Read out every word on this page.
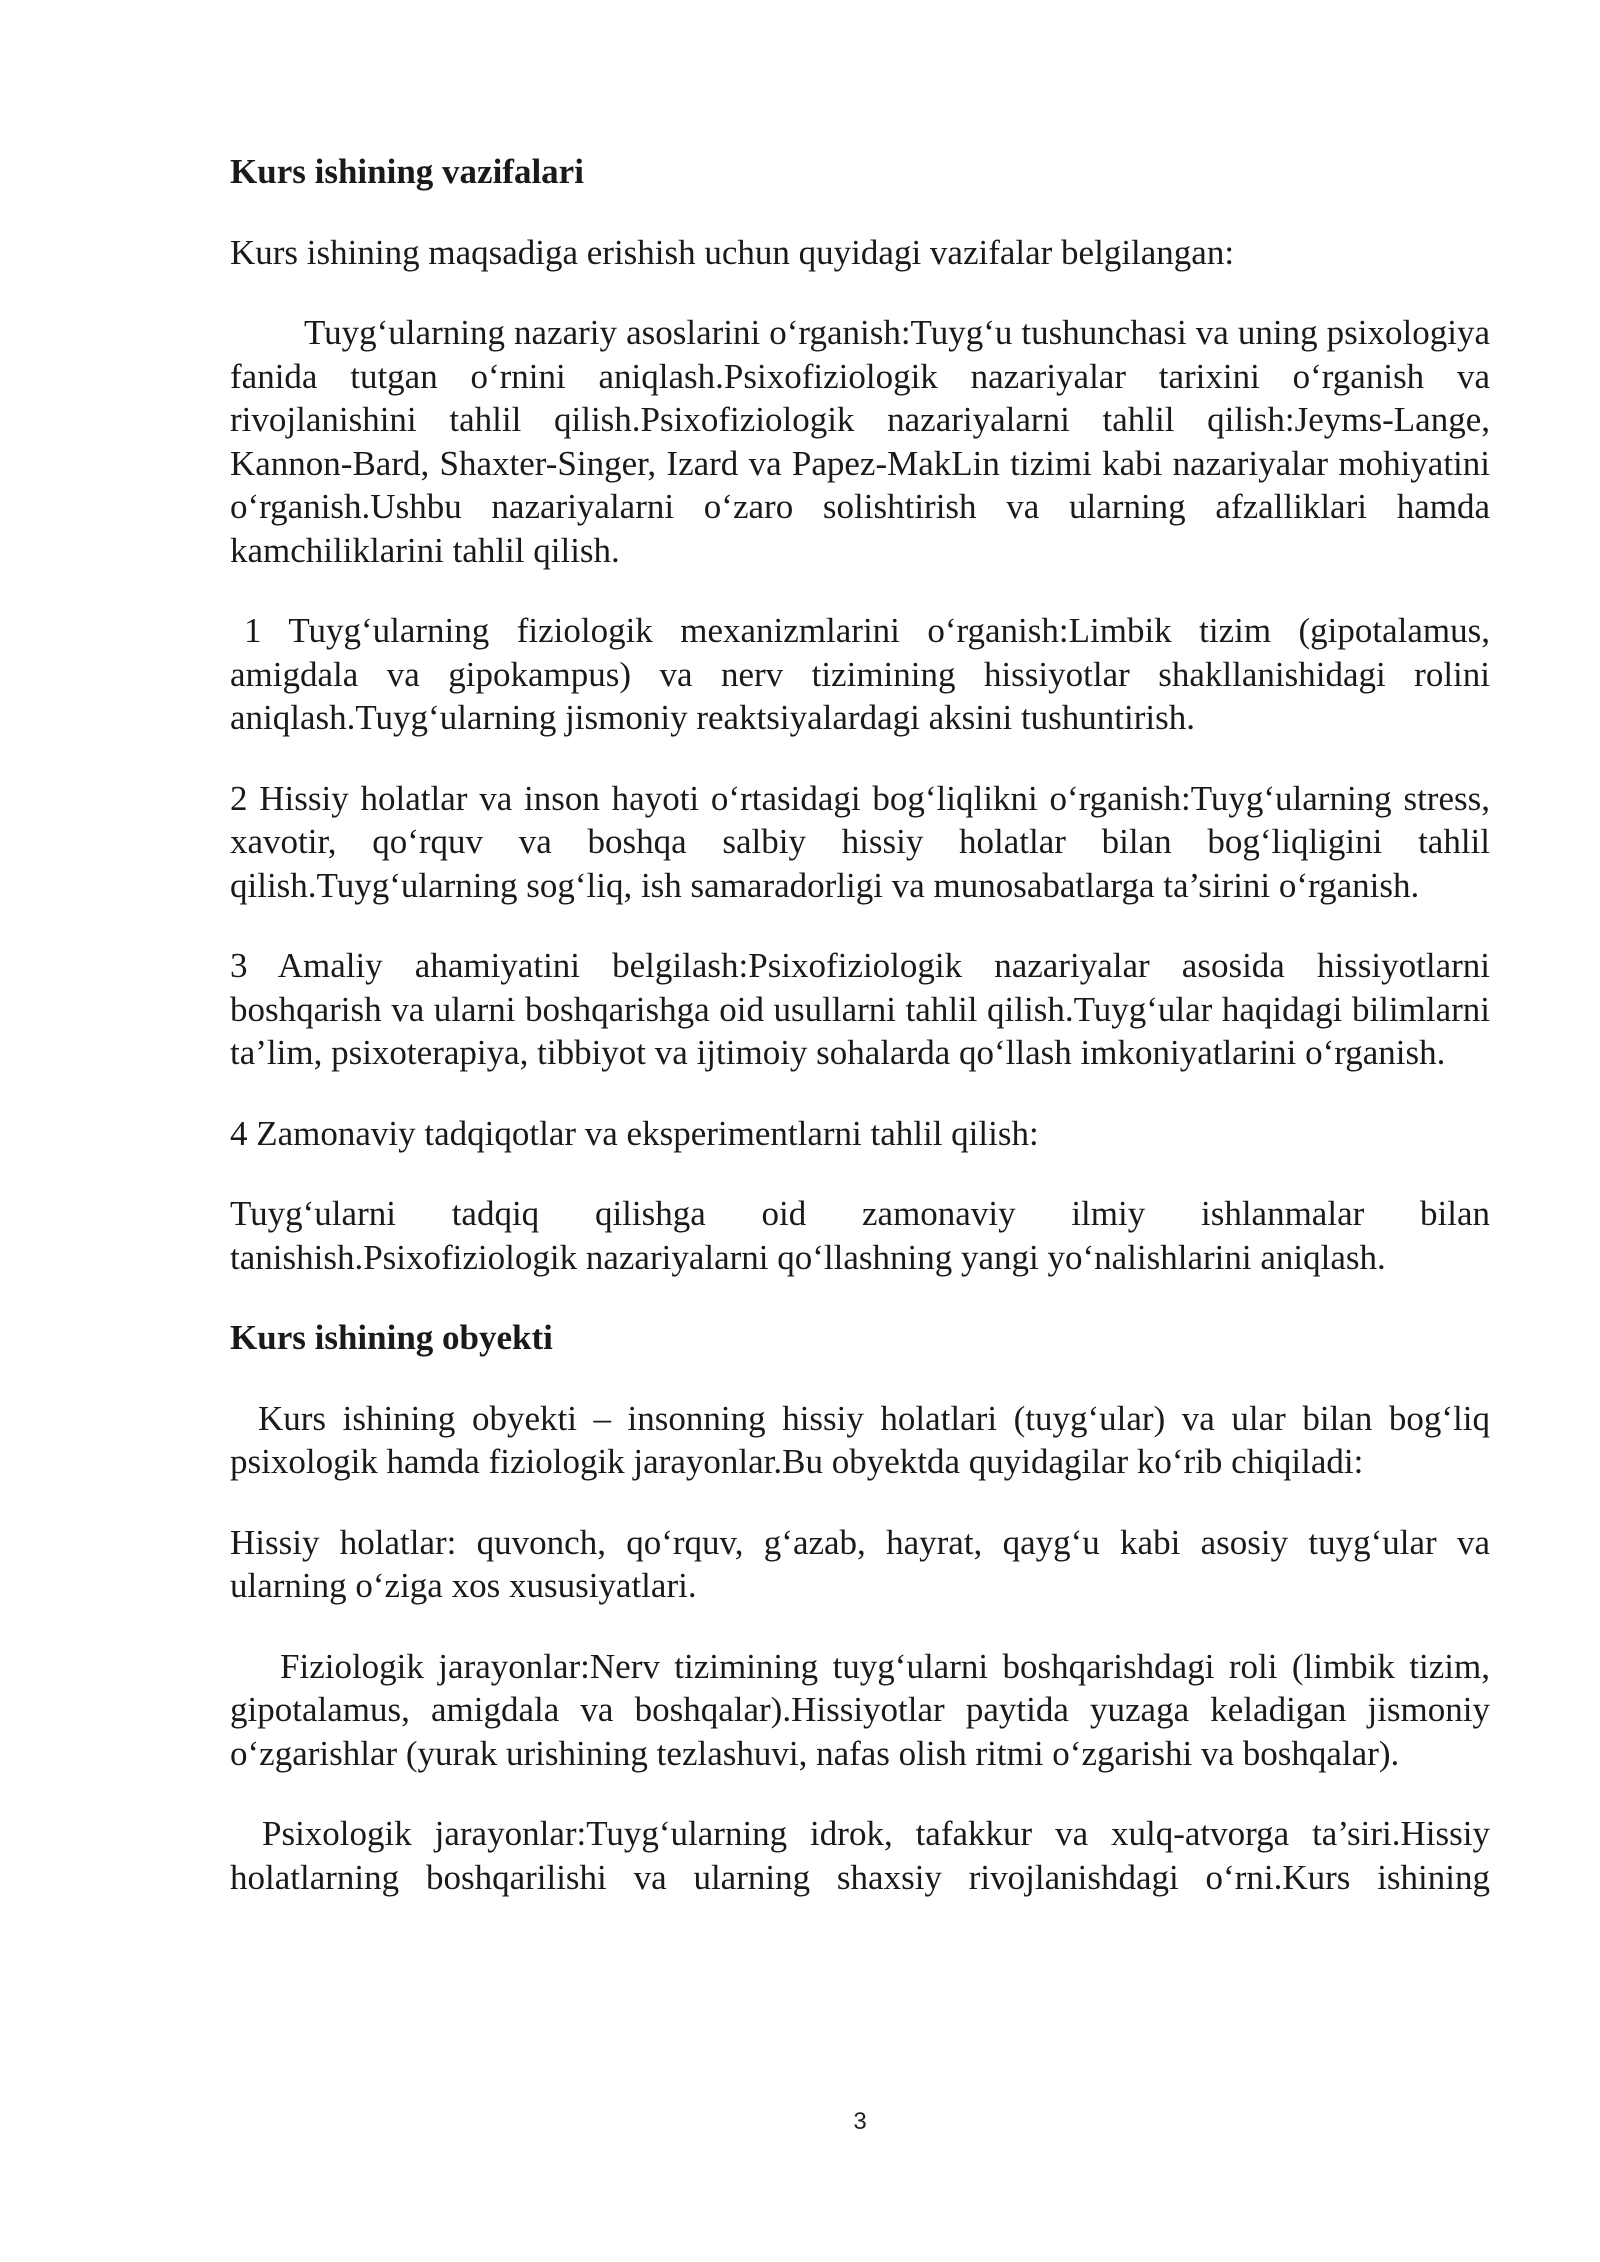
Kurs ishining vazifalari

Kurs ishining maqsadiga erishish uchun quyidagi vazifalar belgilangan:

Tuyg‘ularning nazariy asoslarini o‘rganish:Tuyg‘u tushunchasi va uning psixologiya fanida tutgan o‘rnini aniqlash.Psixofiziologik nazariyalar tarixini o‘rganish va rivojlanishini tahlil qilish.Psixofiziologik nazariyalarni tahlil qilish:Jeyms-Lange, Kannon-Bard, Shaxter-Singer, Izard va Papez-MakLin tizimi kabi nazariyalar mohiyatini o‘rganish.Ushbu nazariyalarni o‘zaro solishtirish va ularning afzalliklari hamda kamchiliklarini tahlil qilish.

1 Tuyg‘ularning fiziologik mexanizmlarini o‘rganish:Limbik tizim (gipotalamus, amigdala va gipokampus) va nerv tizimining hissiyotlar shakllanishidagi rolini aniqlash.Tuyg‘ularning jismoniy reaktsiyalardagi aksini tushuntirish.

2 Hissiy holatlar va inson hayoti o‘rtasidagi bog‘liqlikni o‘rganish:Tuyg‘ularning stress, xavotir, qo‘rquv va boshqa salbiy hissiy holatlar bilan bog‘liqligini tahlil qilish.Tuyg‘ularning sog‘liq, ish samaradorligi va munosabatlarga ta’sirini o‘rganish.

3 Amaliy ahamiyatini belgilash:Psixofiziologik nazariyalar asosida hissiyotlarni boshqarish va ularni boshqarishga oid usullarni tahlil qilish.Tuyg‘ular haqidagi bilimlarni ta’lim, psixoterapiya, tibbiyot va ijtimoiy sohalarda qo‘llash imkoniyatlarini o‘rganish.

4 Zamonaviy tadqiqotlar va eksperimentlarni tahlil qilish:

Tuyg‘ularni tadqiq qilishga oid zamonaviy ilmiy ishlanmalar bilan tanishish.Psixofiziologik nazariyalarni qo‘llashning yangi yo‘nalishlarini aniqlash.

Kurs ishining obyekti

Kurs ishining obyekti – insonning hissiy holatlari (tuyg‘ular) va ular bilan bog‘liq psixologik hamda fiziologik jarayonlar.Bu obyektda quyidagilar ko‘rib chiqiladi:

Hissiy holatlar: quvonch, qo‘rquv, g‘azab, hayrat, qayg‘u kabi asosiy tuyg‘ular va ularning o‘ziga xos xususiyatlari.

Fiziologik jarayonlar:Nerv tizimining tuyg‘ularni boshqarishdagi roli (limbik tizim, gipotalamus, amigdala va boshqalar).Hissiyotlar paytida yuzaga keladigan jismoniy o‘zgarishlar (yurak urishining tezlashuvi, nafas olish ritmi o‘zgarishi va boshqalar).

Psixologik jarayonlar:Tuyg‘ularning idrok, tafakkur va xulq-atvorga ta’siri.Hissiy holatlarning boshqarilishi va ularning shaxsiy rivojlanishdagi o‘rni.Kurs ishining

3
